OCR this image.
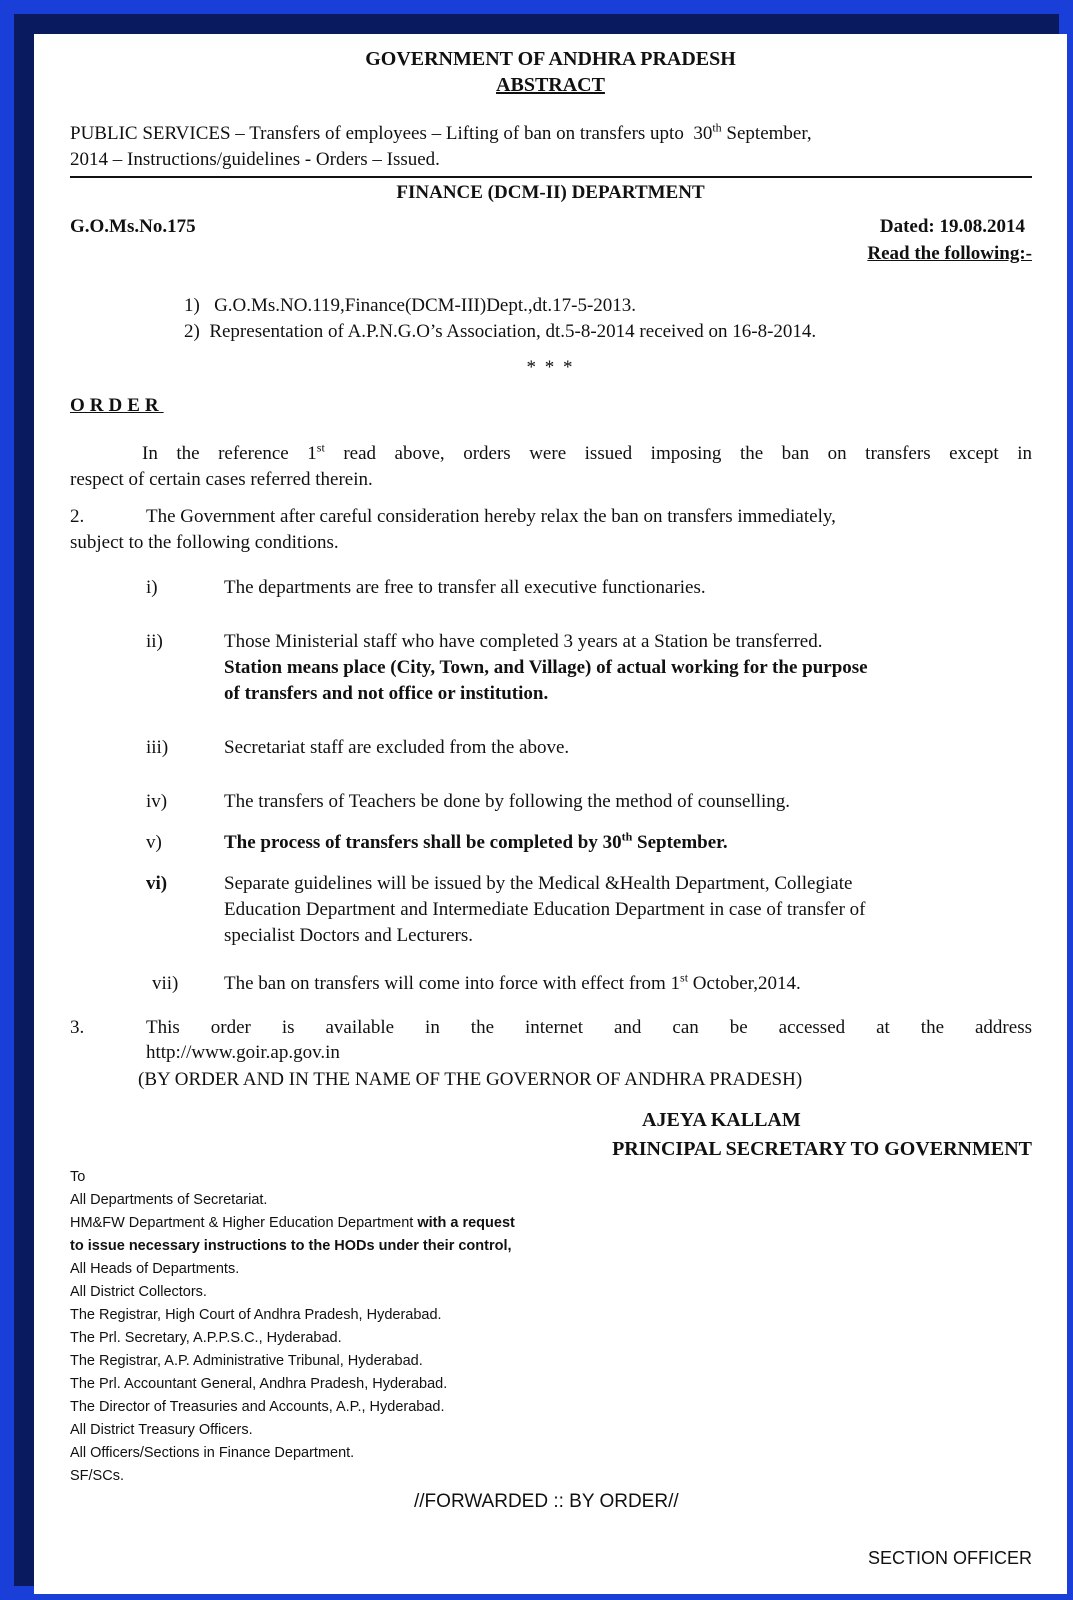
GOVERNMENT OF ANDHRA PRADESH
ABSTRACT
PUBLIC SERVICES – Transfers of employees – Lifting of ban on transfers upto 30th September,
2014 – Instructions/guidelines - Orders – Issued.
FINANCE (DCM-II) DEPARTMENT
G.O.Ms.No.175	Dated: 19.08.2014
Read the following:-
1) G.O.Ms.NO.119,Finance(DCM-III)Dept.,dt.17-5-2013.
2) Representation of A.P.N.G.O’s Association, dt.5-8-2014 received on 16-8-2014.
* * *
ORDER
In the reference 1st read above, orders were issued imposing the ban on transfers except in
respect of certain cases referred therein.
2.	The Government after careful consideration hereby relax the ban on transfers immediately,
subject to the following conditions.
i)	The departments are free to transfer all executive functionaries.
ii)	Those Ministerial staff who have completed 3 years at a Station be transferred.
Station means place (City, Town, and Village) of actual working for the purpose
of transfers and not office or institution.
iii)	Secretariat staff are excluded from the above.
iv)	The transfers of Teachers be done by following the method of counselling.
v)	The process of transfers shall be completed by 30th September.
vi)	Separate guidelines will be issued by the Medical &Health Department, Collegiate
Education Department and Intermediate Education Department in case of transfer of
specialist Doctors and Lecturers.
vii) The ban on transfers will come into force with effect from 1st October,2014.
3.	This order is available in the internet and can be accessed at the address
http://www.goir.ap.gov.in
(BY ORDER AND IN THE NAME OF THE GOVERNOR OF ANDHRA PRADESH)
AJEYA KALLAM
PRINCIPAL SECRETARY TO GOVERNMENT
To
All Departments of Secretariat.
HM&FW Department & Higher Education Department with a request
to issue necessary instructions to the HODs under their control,
All Heads of Departments.
All District Collectors.
The Registrar, High Court of Andhra Pradesh, Hyderabad.
The Prl. Secretary, A.P.P.S.C., Hyderabad.
The Registrar, A.P. Administrative Tribunal, Hyderabad.
The Prl. Accountant General, Andhra Pradesh, Hyderabad.
The Director of Treasuries and Accounts, A.P., Hyderabad.
All District Treasury Officers.
All Officers/Sections in Finance Department.
SF/SCs.
//FORWARDED :: BY ORDER//
SECTION OFFICER
